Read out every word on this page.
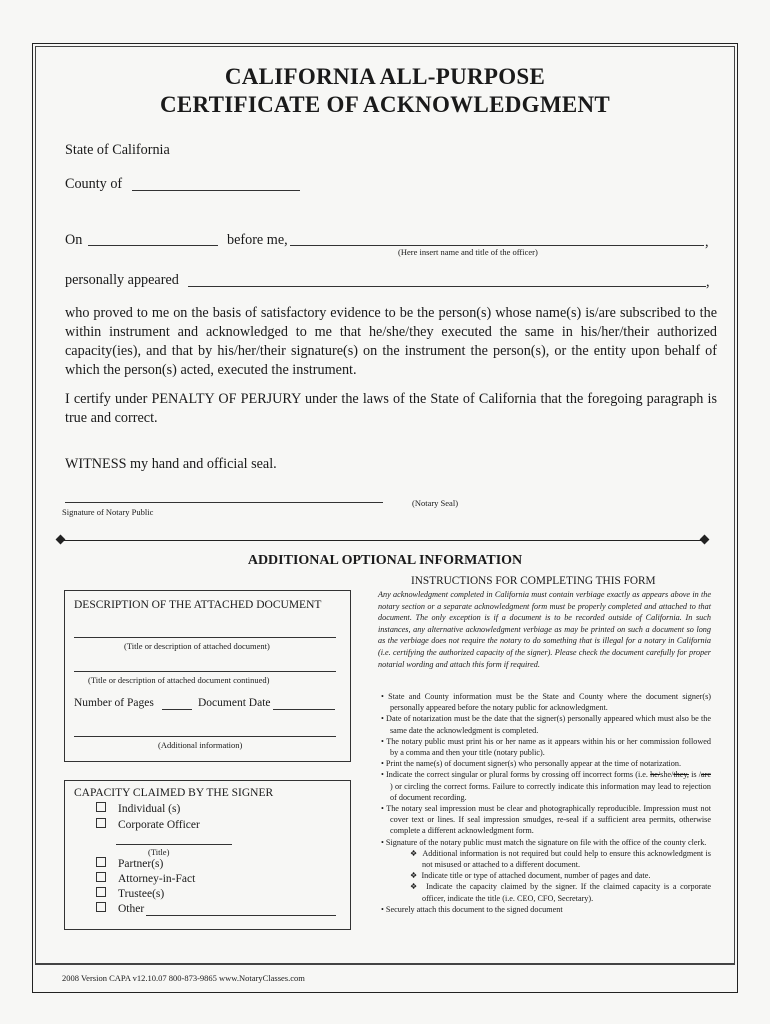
CALIFORNIA ALL-PURPOSE
CERTIFICATE OF ACKNOWLEDGMENT
State of California
County of
On	before me,	,
(Here insert name and title of the officer)
personally appeared	,
who proved to me on the basis of satisfactory evidence to be the person(s) whose name(s) is/are subscribed to the within instrument and acknowledged to me that he/she/they executed the same in his/her/their authorized capacity(ies), and that by his/her/their signature(s) on the instrument the person(s), or the entity upon behalf of which the person(s) acted, executed the instrument.
I certify under PENALTY OF PERJURY under the laws of the State of California that the foregoing paragraph is true and correct.
WITNESS my hand and official seal.
Signature of Notary Public
(Notary Seal)
ADDITIONAL OPTIONAL INFORMATION
INSTRUCTIONS FOR COMPLETING THIS FORM
Any acknowledgment completed in California must contain verbiage exactly as appears above in the notary section or a separate acknowledgment form must be properly completed and attached to that document. The only exception is if a document is to be recorded outside of California. In such instances, any alternative acknowledgment verbiage as may be printed on such a document so long as the verbiage does not require the notary to do something that is illegal for a notary in California (i.e. certifying the authorized capacity of the signer). Please check the document carefully for proper notarial wording and attach this form if required.
DESCRIPTION OF THE ATTACHED DOCUMENT
(Title or description of attached document)
(Title or description of attached document continued)
Number of Pages	Document Date
(Additional information)
CAPACITY CLAIMED BY THE SIGNER
Individual (s)
Corporate Officer
(Title)
Partner(s)
Attorney-in-Fact
Trustee(s)
Other

• State and County information must be the State and County where the document signer(s) personally appeared before the notary public for acknowledgment.

• Date of notarization must be the date that the signer(s) personally appeared which must also be the same date the acknowledgment is completed.

• The notary public must print his or her name as it appears within his or her commission followed by a comma and then your title (notary public).

• Print the name(s) of document signer(s) who personally appear at the time of notarization.

• Indicate the correct singular or plural forms by crossing off incorrect forms (i.e. he/she/they, is /are ) or circling the correct forms. Failure to correctly indicate this information may lead to rejection of document recording.

• The notary seal impression must be clear and photographically reproducible. Impression must not cover text or lines. If seal impression smudges, re-seal if a sufficient area permits, otherwise complete a different acknowledgment form.

• Signature of the notary public must match the signature on file with the office of the county clerk.

❖  Additional information is not required but could help to ensure this acknowledgment is not misused or attached to a different document.

❖  Indicate title or type of attached document, number of pages and date.

❖  Indicate the capacity claimed by the signer. If the claimed capacity is a corporate officer, indicate the title (i.e. CEO, CFO, Secretary).

• Securely attach this document to the signed document

2008 Version CAPA v12.10.07 800-873-9865 www.NotaryClasses.com
